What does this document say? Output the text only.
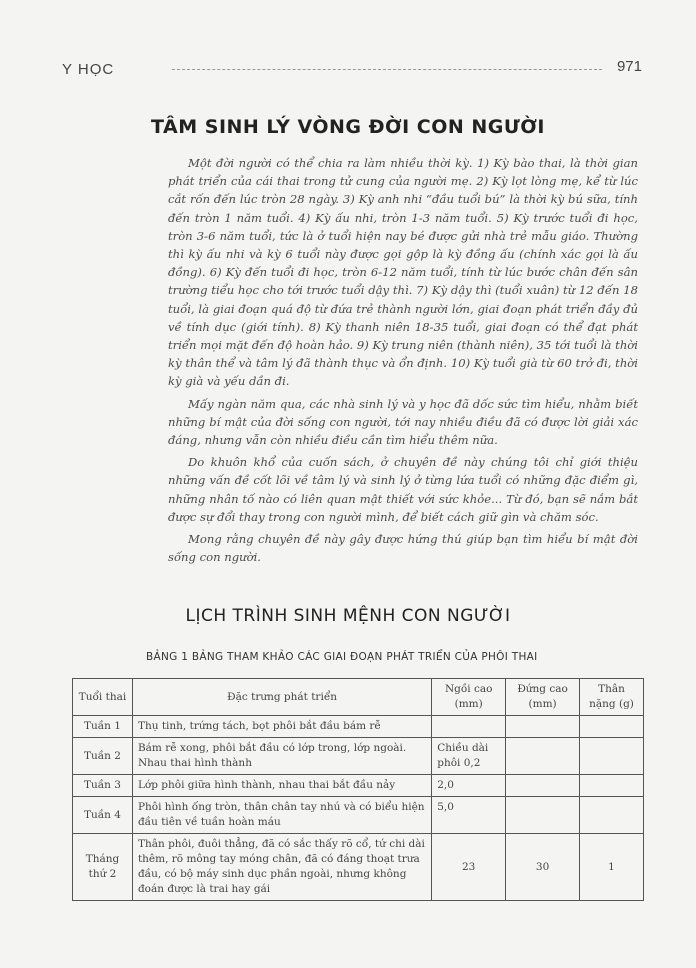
Y HỌC	971
TÂM SINH LÝ VÒNG ĐỜI CON NGƯỜI

Một đời người có thể chia ra làm nhiều thời kỳ. 1) Kỳ bào thai, là thời gian phát triển của cái thai trong tử cung của người mẹ. 2) Kỳ lọt lòng mẹ, kể từ lúc cắt rốn đến lúc tròn 28 ngày. 3) Kỳ anh nhi “đầu tuổi bú” là thời kỳ bú sữa, tính đến tròn 1 năm tuổi. 4) Kỳ ấu nhi, tròn 1-3 năm tuổi. 5) Kỳ trước tuổi đi học, tròn 3-6 năm tuổi, tức là ở tuổi hiện nay bé được gửi nhà trẻ mẫu giáo. Thường thì kỳ ấu nhi và kỳ 6 tuổi này được gọi gộp là kỳ đồng ấu (chính xác gọi là ấu đồng). 6) Kỳ đến tuổi đi học, tròn 6-12 năm tuổi, tính từ lúc bước chân đến sân trường tiểu học cho tới trước tuổi dậy thì. 7) Kỳ dậy thì (tuổi xuân) từ 12 đến 18 tuổi, là giai đoạn quá độ từ đứa trẻ thành người lớn, giai đoạn phát triển đầy đủ về tính dục (giới tính). 8) Kỳ thanh niên 18-35 tuổi, giai đoạn có thể đạt phát triển mọi mặt đến độ hoàn hảo. 9) Kỳ trung niên (thành niên), 35 tới tuổi là thời kỳ thân thể và tâm lý đã thành thục và ổn định. 10) Kỳ tuổi già từ 60 trở đi, thời kỳ già và yếu dần đi.

Mấy ngàn năm qua, các nhà sinh lý và y học đã dốc sức tìm hiểu, nhằm biết những bí mật của đời sống con người, tới nay nhiều điều đã có được lời giải xác đáng, nhưng vẫn còn nhiều điều cần tìm hiểu thêm nữa.

Do khuôn khổ của cuốn sách, ở chuyên đề này chúng tôi chỉ giới thiệu những vấn đề cốt lõi về tâm lý và sinh lý ở từng lứa tuổi có những đặc điểm gì, những nhân tố nào có liên quan mật thiết với sức khỏe... Từ đó, bạn sẽ nắm bắt được sự đổi thay trong con người mình, để biết cách giữ gìn và chăm sóc.

Mong rằng chuyên đề này gây được hứng thú giúp bạn tìm hiểu bí mật đời sống con người.

LỊCH TRÌNH SINH MỆNH CON NGƯỜI
BẢNG 1 BẢNG THAM KHẢO CÁC GIAI ĐOẠN PHÁT TRIỂN CỦA PHÔI THAI
Tuổi thai	Đặc trưng phát triển	Ngồi cao (mm)	Đứng cao (mm)	Thân nặng (g)
Tuần 1	Thụ tinh, trứng tách, bọt phôi bắt đầu bám rễ			
Tuần 2	Bám rễ xong, phôi bắt đầu có lớp trong, lớp ngoài. Nhau thai hình thành	Chiều dài phôi 0,2		
Tuần 3	Lớp phôi giữa hình thành, nhau thai bắt đầu nảy	2,0		
Tuần 4	Phôi hình ống tròn, thân chân tay nhú và có biểu hiện đầu tiên về tuần hoàn máu	5,0		
Tháng thứ 2	Thân phôi, đuôi thẳng, đã có sắc thấy rõ cổ, tứ chi dài thêm, rõ mông tay móng chân, đã có đáng thoạt trưa đầu, có bộ máy sinh dục phần ngoài, nhưng không đoán được là trai hay gái	23	30	1
